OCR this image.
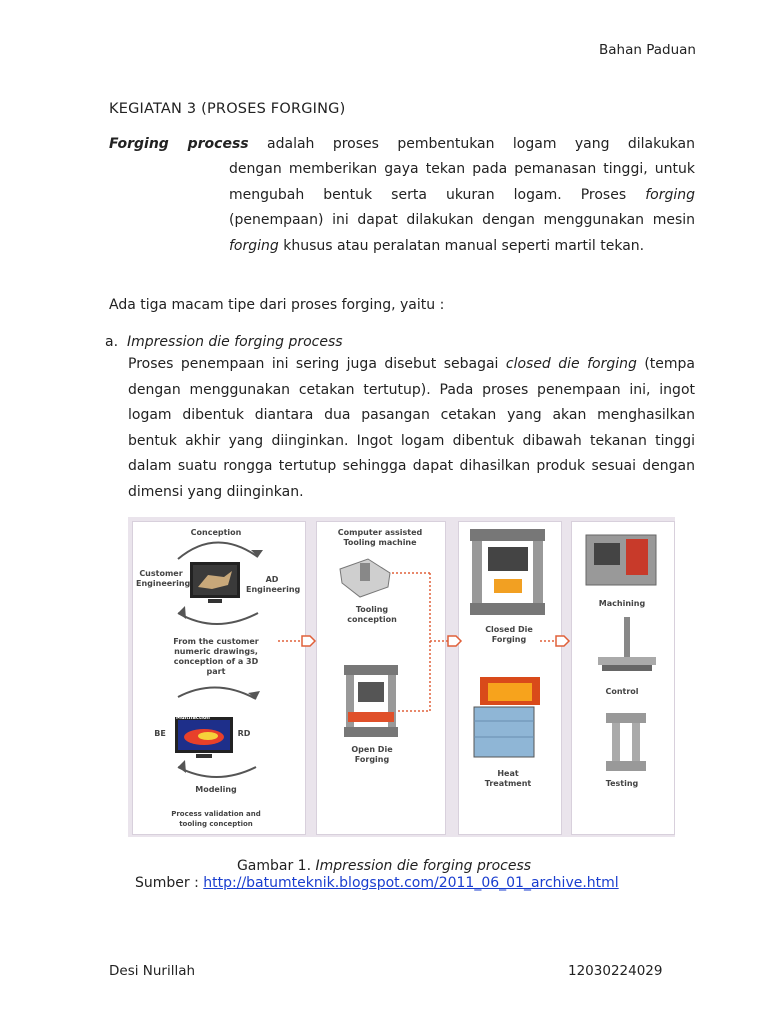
Bahan Paduan
KEGIATAN 3 (PROSES FORGING)
Forging process adalah proses pembentukan logam yang dilakukan
dengan memberikan gaya tekan pada pemanasan tinggi, untuk mengubah bentuk serta ukuran logam. Proses forging (penempaan) ini dapat dilakukan dengan menggunakan mesin forging khusus atau peralatan manual seperti martil tekan.
Ada tiga macam tipe dari proses forging, yaitu :
a. Impression die forging process
Proses penempaan ini sering juga disebut sebagai closed die forging (tempa dengan menggunakan cetakan tertutup). Pada proses penempaan ini, ingot logam dibentuk diantara dua pasangan cetakan yang akan menghasilkan bentuk akhir yang diinginkan. Ingot logam dibentuk dibawah tekanan tinggi dalam suatu rongga tertutup sehingga dapat dihasilkan produk sesuai dengan dimensi yang diinginkan.
Conception
Customer Engineering	AD Engineering
From the customer numeric drawings, conception of a 3D part
Multifaction
BE	RD
Modeling
Process validation and tooling conception
Computer assisted Tooling machine
Tooling conception
Open Die Forging
Closed Die Forging
Heat Treatment
Machining
Control
Testing
Gambar 1. Impression die forging process
Sumber : http://batumteknik.blogspot.com/2011_06_01_archive.html
Desi Nurillah	12030224029
